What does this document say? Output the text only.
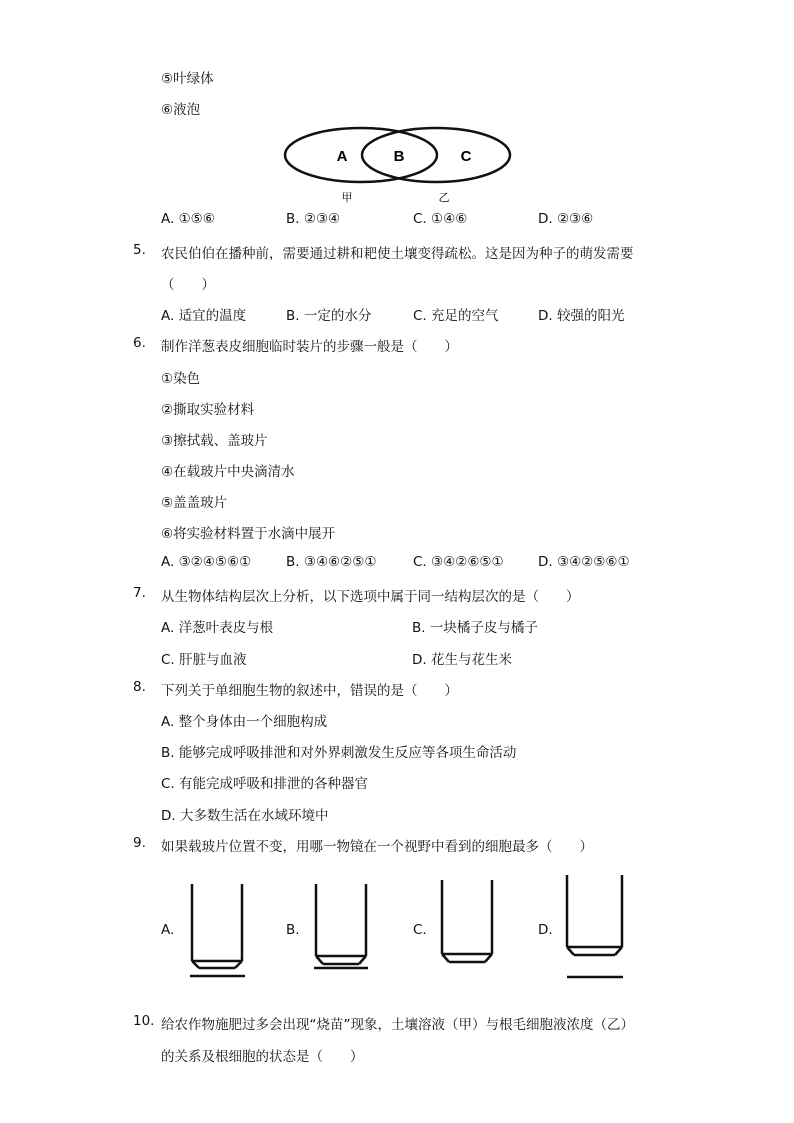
⑤叶绿体
⑥液泡
A	B	C
甲	乙
A. ①⑤⑥	B. ②③④	C. ①④⑥	D. ②③⑥
5. 农民伯伯在播种前，需要通过耕和耙使土壤变得疏松。这是因为种子的萌发需要
（　　）
A. 适宜的温度	B. 一定的水分	C. 充足的空气	D. 较强的阳光
6. 制作洋葱表皮细胞临时装片的步骤一般是（　　）
①染色
②撕取实验材料
③擦拭载、盖玻片
④在载玻片中央滴清水
⑤盖盖玻片
⑥将实验材料置于水滴中展开
A. ③②④⑤⑥①	B. ③④⑥②⑤①	C. ③④②⑥⑤①	D. ③④②⑤⑥①
7. 从生物体结构层次上分析，以下选项中属于同一结构层次的是（　　）
A. 洋葱叶表皮与根	B. 一块橘子皮与橘子
C. 肝脏与血液	D. 花生与花生米
8. 下列关于单细胞生物的叙述中，错误的是（　　）
A. 整个身体由一个细胞构成
B. 能够完成呼吸排泄和对外界刺激发生反应等各项生命活动
C. 有能完成呼吸和排泄的各种器官
D. 大多数生活在水域环境中
9. 如果载玻片位置不变，用哪一物镜在一个视野中看到的细胞最多（　　）
A.	B.	C.	D.
10. 给农作物施肥过多会出现“烧苗”现象，土壤溶液（甲）与根毛细胞液浓度（乙）
的关系及根细胞的状态是（　　）
